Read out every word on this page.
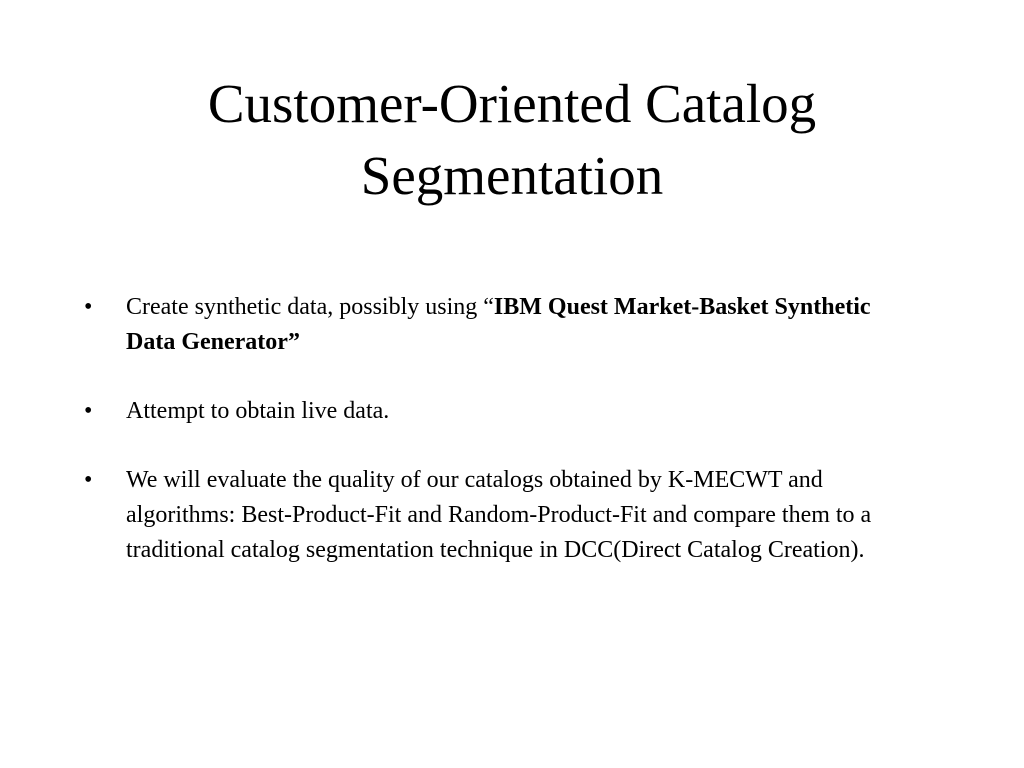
Customer-Oriented Catalog
Segmentation
•	Create synthetic data, possibly using “IBM Quest Market-Basket Synthetic Data Generator”
•	Attempt to obtain live data.
•	We will evaluate the quality of our catalogs obtained by K-MECWT and algorithms: Best-Product-Fit and Random-Product-Fit and compare them to a traditional catalog segmentation technique in DCC(Direct Catalog Creation).
